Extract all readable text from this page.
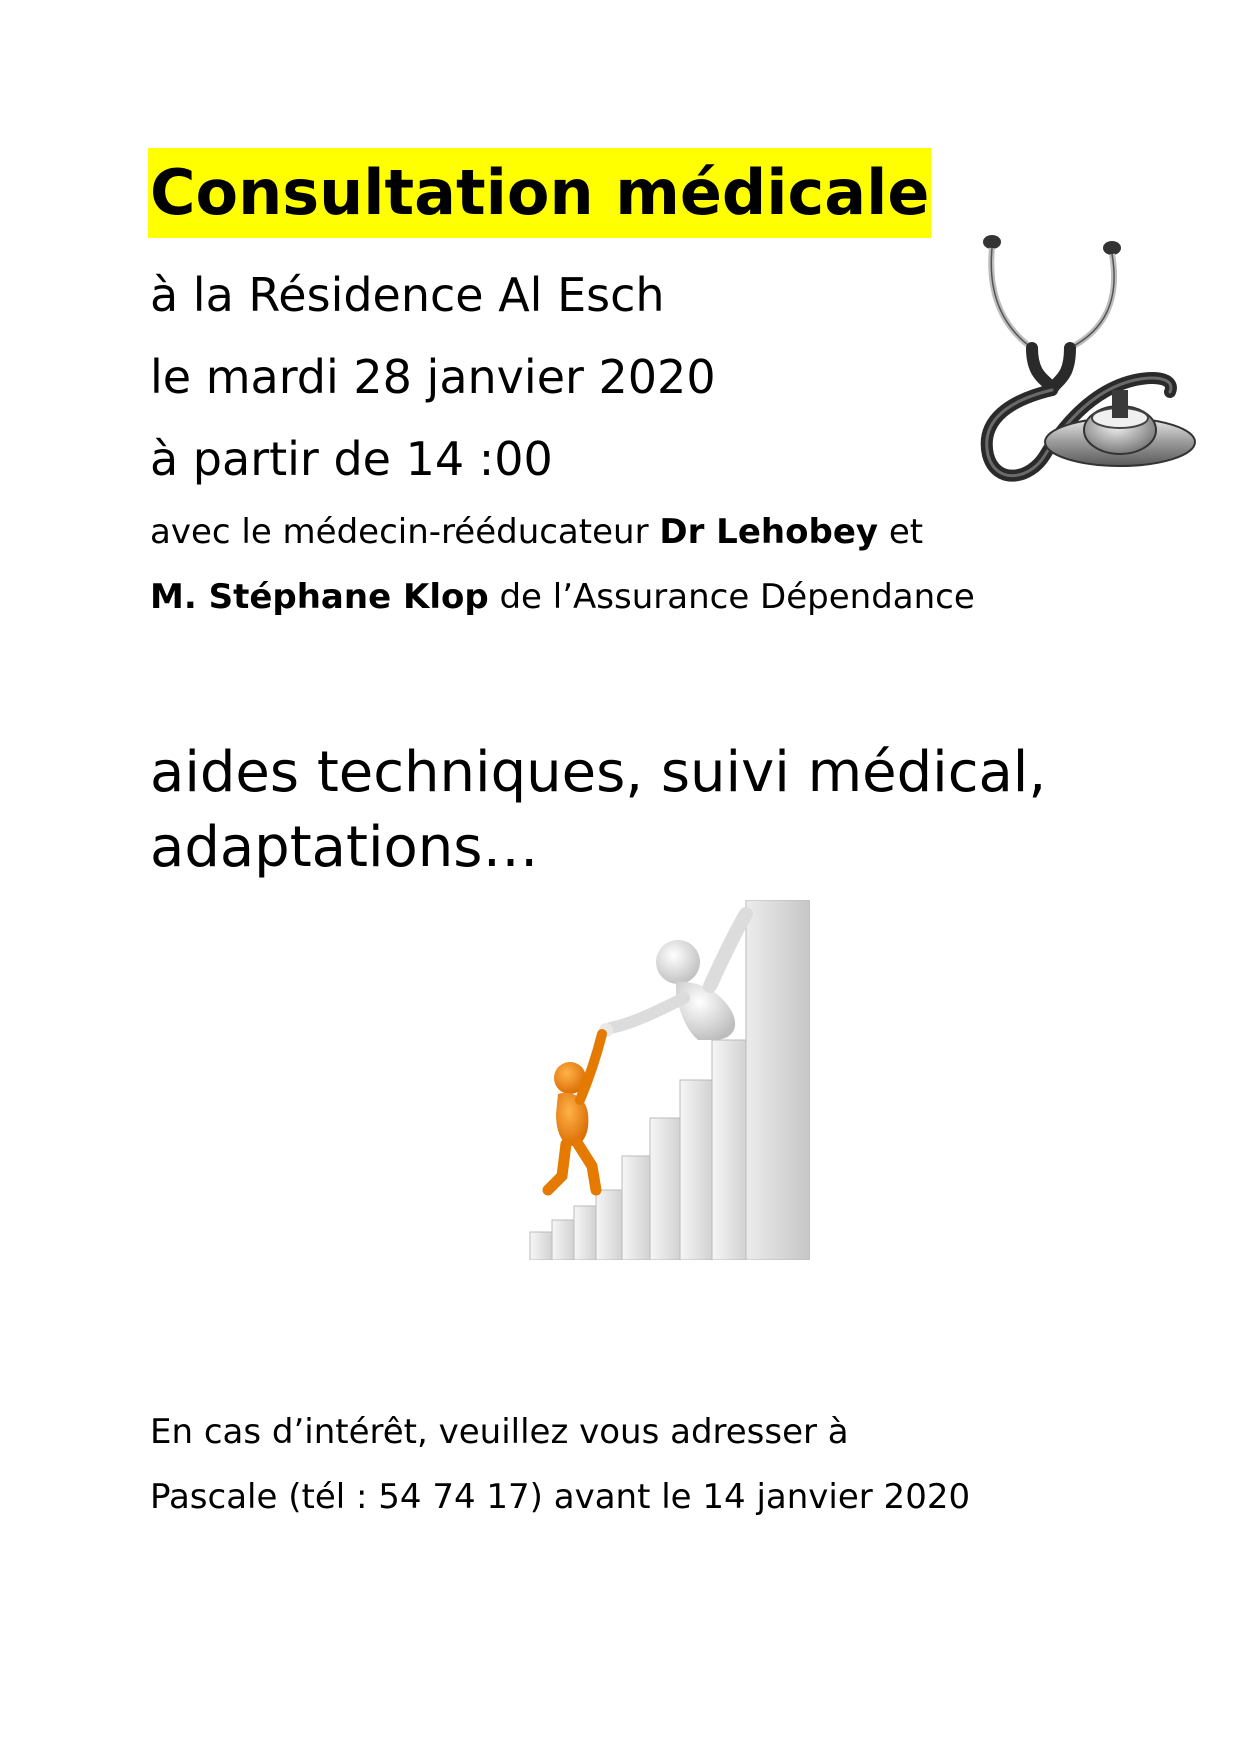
Consultation médicale
à la Résidence Al Esch
le mardi 28 janvier 2020
à partir de 14 :00
avec le médecin-rééducateur Dr Lehobey et
M. Stéphane Klop de l’Assurance Dépendance
aides techniques, suivi médical,
adaptations…
En cas d’intérêt, veuillez vous adresser à
Pascale (tél : 54 74 17) avant le 14 janvier 2020
